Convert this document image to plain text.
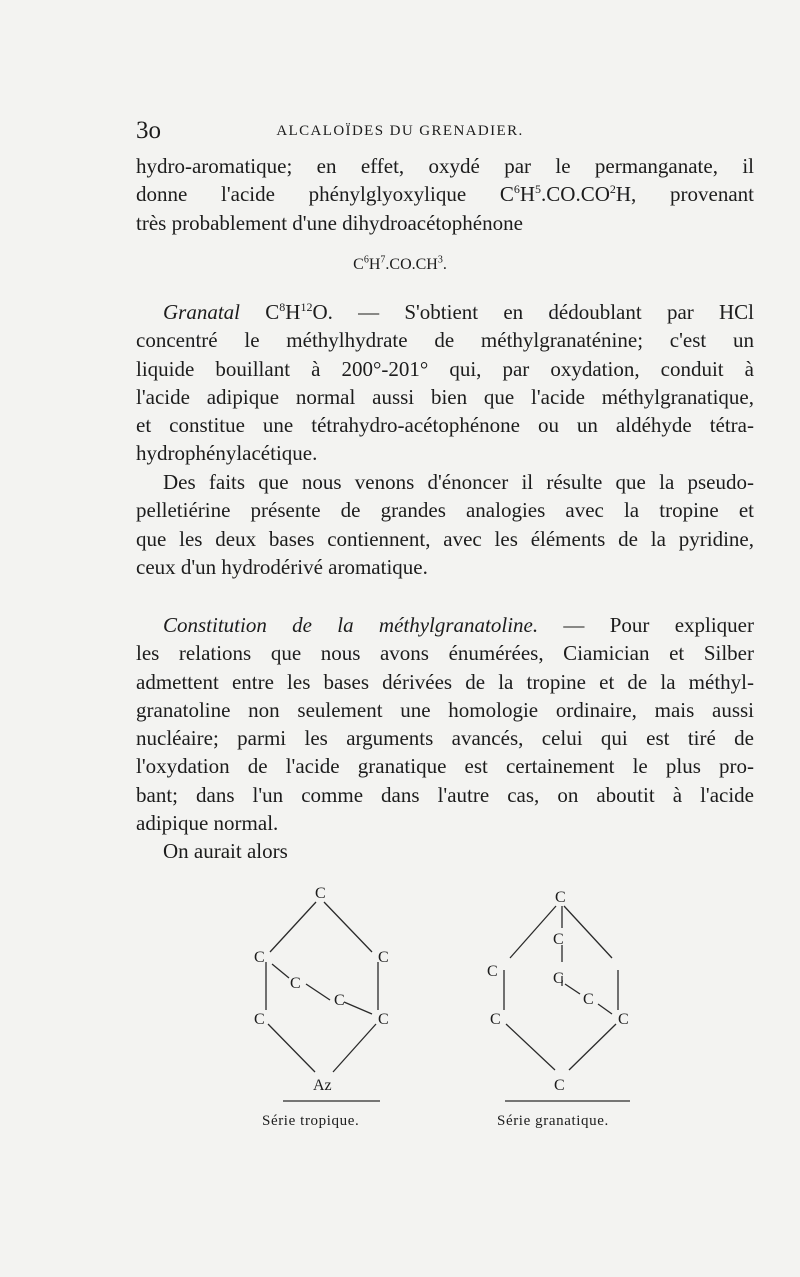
3o	ALCALOÏDES DU GRENADIER.

hydro-aromatique; en effet, oxydé par le permanganate, il

donne l'acide phénylglyoxylique $C^6H^5.CO.CO^2H$, provenant

très probablement d'une dihydroacétophénone

$C^6H^7.CO.CH^3$.

Granatal $C^8H^{12}O$. — S'obtient en dédoublant par HCl

concentré le méthylhydrate de méthylgranaténine; c'est un

liquide bouillant à 200°-201° qui, par oxydation, conduit à

l'acide adipique normal aussi bien que l'acide méthylgranatique,

et constitue une tétrahydro-acétophénone ou un aldéhyde tétra-

hydrophénylacétique.

Des faits que nous venons d'énoncer il résulte que la pseudo-

pelletiérine présente de grandes analogies avec la tropine et

que les deux bases contiennent, avec les éléments de la pyridine,

ceux d'un hydrodérivé aromatique.

Constitution de la méthylgranatoline. — Pour expliquer

les relations que nous avons énumérées, Ciamician et Silber

admettent entre les bases dérivées de la tropine et de la méthyl-

granatoline non seulement une homologie ordinaire, mais aussi

nucléaire; parmi les arguments avancés, celui qui est tiré de

l'oxydation de l'acide granatique est certainement le plus pro-

bant; dans l'un comme dans l'autre cas, on aboutit à l'acide

adipique normal.

On aurait alors

C
C	C
C
C
C	C
Az
Série tropique.
C
C
C	C
C
C	C
C
Série granatique.
